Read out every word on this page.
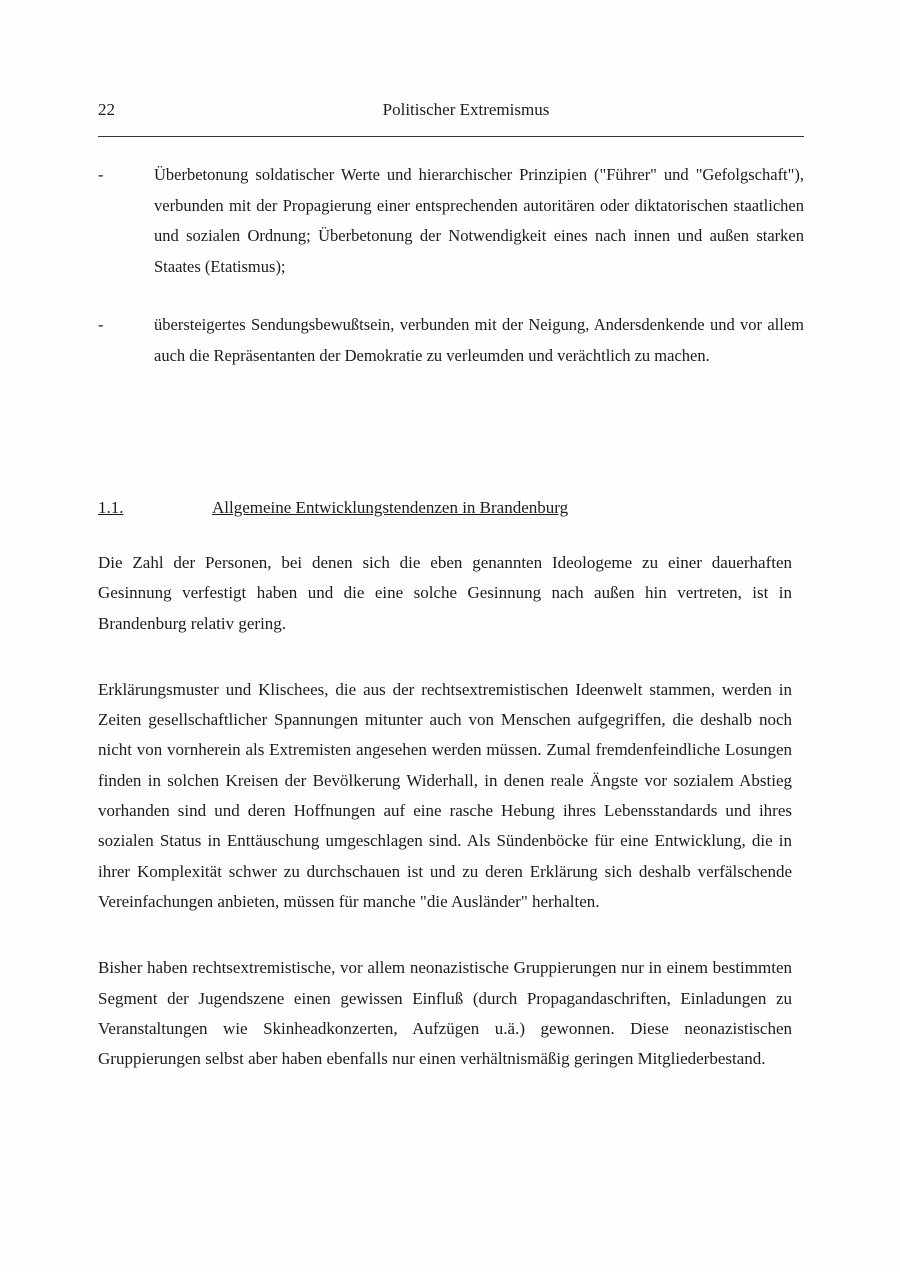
22	Politischer Extremismus
-	Überbetonung soldatischer Werte und hierarchischer Prinzipien ("Führer" und "Gefolgschaft"), verbunden mit der Propagierung einer entsprechenden autoritären oder diktatorischen staatlichen und sozialen Ordnung; Überbetonung der Notwendigkeit eines nach innen und außen starken Staates (Etatismus);
-	übersteigertes Sendungsbewußtsein, verbunden mit der Neigung, Andersdenkende und vor allem auch die Repräsentanten der Demokratie zu verleumden und verächtlich zu machen.
1.1.	Allgemeine Entwicklungstendenzen in Brandenburg

Die Zahl der Personen, bei denen sich die eben genannten Ideologeme zu einer dauerhaften Gesinnung verfestigt haben und die eine solche Gesinnung nach außen hin vertreten, ist in Brandenburg relativ gering.

Erklärungsmuster und Klischees, die aus der rechtsextremistischen Ideenwelt stammen, werden in Zeiten gesellschaftlicher Spannungen mitunter auch von Menschen aufgegriffen, die deshalb noch nicht von vornherein als Extremisten angesehen werden müssen. Zumal fremdenfeindliche Losungen finden in solchen Kreisen der Bevölkerung Widerhall, in denen reale Ängste vor sozialem Abstieg vorhanden sind und deren Hoffnungen auf eine rasche Hebung ihres Lebensstandards und ihres sozialen Status in Enttäuschung umgeschlagen sind. Als Sündenböcke für eine Entwicklung, die in ihrer Komplexität schwer zu durchschauen ist und zu deren Erklärung sich deshalb verfälschende Vereinfachungen anbieten, müssen für manche "die Ausländer" herhalten.

Bisher haben rechtsextremistische, vor allem neonazistische Gruppierungen nur in einem bestimmten Segment der Jugendszene einen gewissen Einfluß (durch Propagandaschriften, Einladungen zu Veranstaltungen wie Skinheadkonzerten, Aufzügen u.ä.) gewonnen. Diese neonazistischen Gruppierungen selbst aber haben ebenfalls nur einen verhältnismäßig geringen Mitgliederbestand.
